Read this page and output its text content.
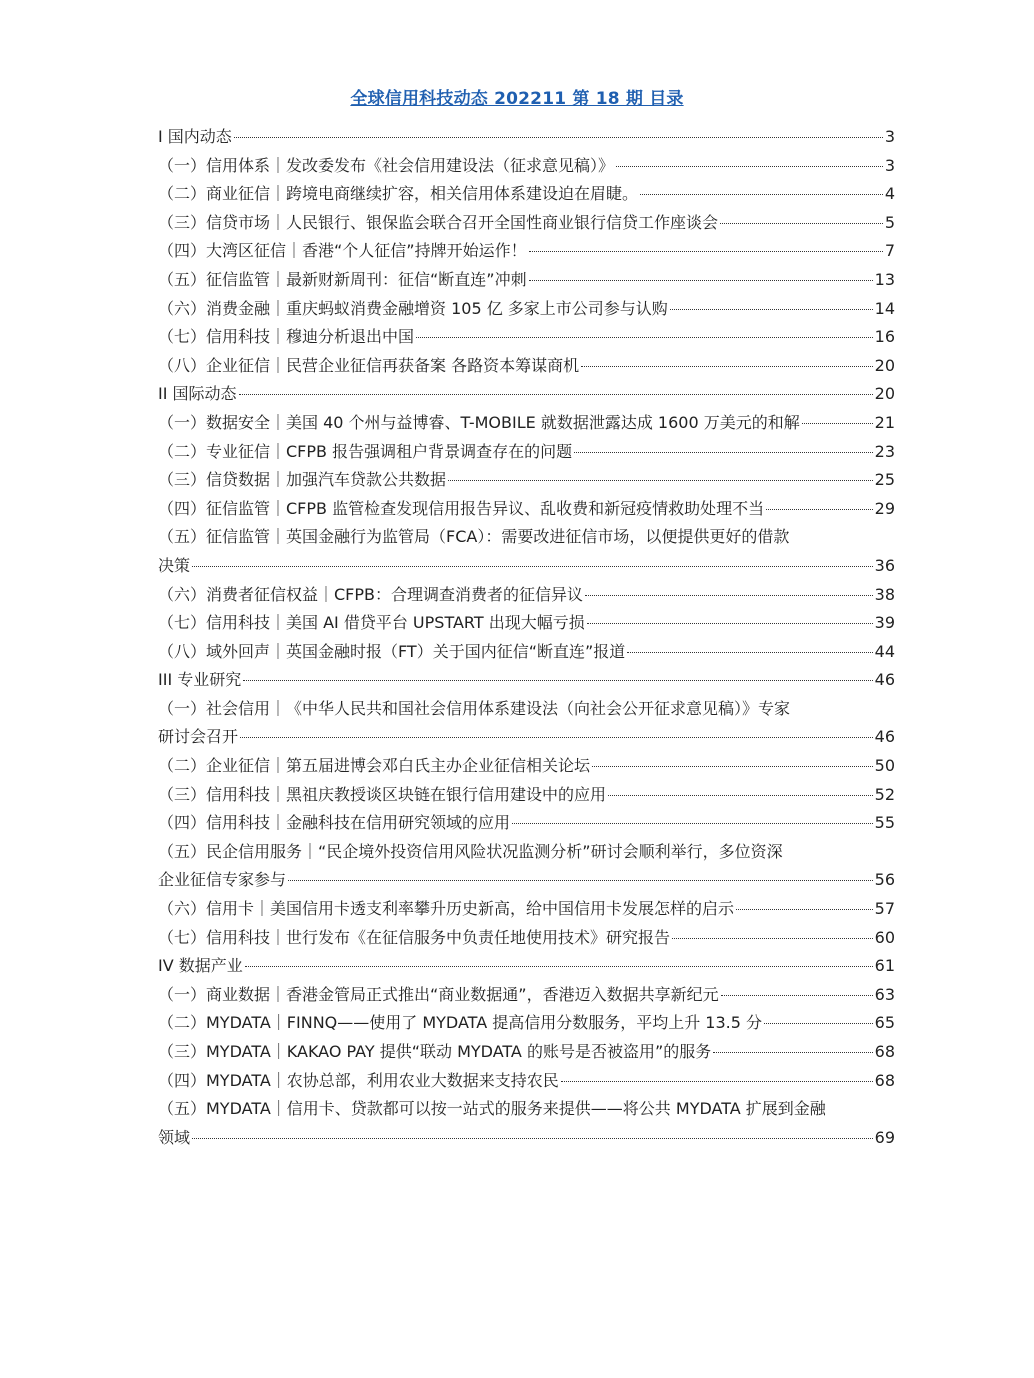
全球信用科技动态 202211 第 18 期 目录
I 国内动态	3
（一）信用体系｜发改委发布《社会信用建设法（征求意见稿）》	3
（二）商业征信｜跨境电商继续扩容，相关信用体系建设迫在眉睫。	4
（三）信贷市场｜人民银行、银保监会联合召开全国性商业银行信贷工作座谈会	5
（四）大湾区征信｜香港“个人征信”持牌开始运作！	7
（五）征信监管｜最新财新周刊：征信“断直连”冲刺	13
（六）消费金融｜重庆蚂蚁消费金融增资 105 亿 多家上市公司参与认购	14
（七）信用科技｜穆迪分析退出中国	16
（八）企业征信｜民营企业征信再获备案 各路资本筹谋商机	20
II 国际动态	20
（一）数据安全｜美国 40 个州与益博睿、T-MOBILE 就数据泄露达成 1600 万美元的和解	21
（二）专业征信｜CFPB 报告强调租户背景调查存在的问题	23
（三）信贷数据｜加强汽车贷款公共数据	25
（四）征信监管｜CFPB 监管检查发现信用报告异议、乱收费和新冠疫情救助处理不当	29
（五）征信监管｜英国金融行为监管局（FCA）：需要改进征信市场，以便提供更好的借款
决策	36
（六）消费者征信权益｜CFPB：合理调查消费者的征信异议	38
（七）信用科技｜美国 AI 借贷平台 UPSTART 出现大幅亏损	39
（八）域外回声｜英国金融时报（FT）关于国内征信“断直连”报道	44
III 专业研究	46
（一）社会信用｜《中华人民共和国社会信用体系建设法（向社会公开征求意见稿）》专家
研讨会召开	46
（二）企业征信｜第五届进博会邓白氏主办企业征信相关论坛	50
（三）信用科技｜黑祖庆教授谈区块链在银行信用建设中的应用	52
（四）信用科技｜金融科技在信用研究领域的应用	55
（五）民企信用服务｜“民企境外投资信用风险状况监测分析”研讨会顺利举行，多位资深
企业征信专家参与	56
（六）信用卡｜美国信用卡透支利率攀升历史新高，给中国信用卡发展怎样的启示	57
（七）信用科技｜世行发布《在征信服务中负责任地使用技术》研究报告	60
IV 数据产业	61
（一）商业数据｜香港金管局正式推出“商业数据通”，香港迈入数据共享新纪元	63
（二）MYDATA｜FINNQ——使用了 MYDATA 提高信用分数服务，平均上升 13.5 分	65
（三）MYDATA｜KAKAO PAY 提供“联动 MYDATA 的账号是否被盗用”的服务	68
（四）MYDATA｜农协总部，利用农业大数据来支持农民	68
（五）MYDATA｜信用卡、贷款都可以按一站式的服务来提供——将公共 MYDATA 扩展到金融
领域	69
